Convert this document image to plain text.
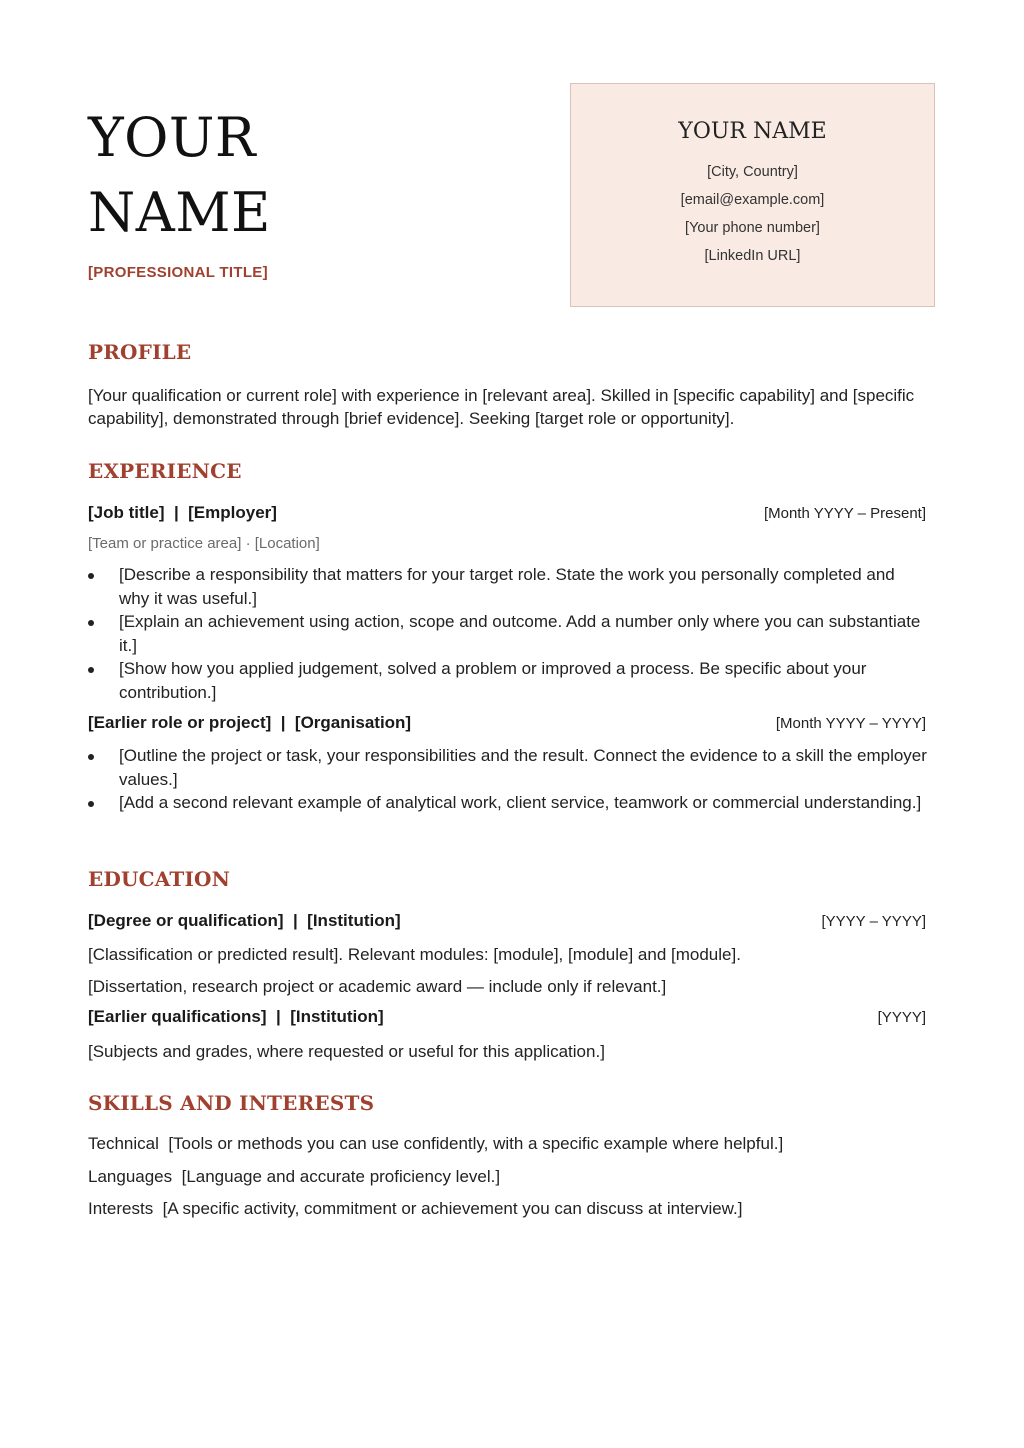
YOUR
NAME
[PROFESSIONAL TITLE]
YOUR NAME
[City, Country]
[email@example.com]
[Your phone number]
[LinkedIn URL]
PROFILE
[Your qualification or current role] with experience in [relevant area]. Skilled in [specific capability] and [specific capability], demonstrated through [brief evidence]. Seeking [target role or opportunity].
EXPERIENCE
[Job title]  |  [Employer]	[Month YYYY – Present]
[Team or practice area] · [Location]
[Describe a responsibility that matters for your target role. State the work you personally completed and why it was useful.]
[Explain an achievement using action, scope and outcome. Add a number only where you can substantiate it.]
[Show how you applied judgement, solved a problem or improved a process. Be specific about your contribution.]
[Earlier role or project]  |  [Organisation]	[Month YYYY – YYYY]
[Outline the project or task, your responsibilities and the result. Connect the evidence to a skill the employer values.]
[Add a second relevant example of analytical work, client service, teamwork or commercial understanding.]
EDUCATION
[Degree or qualification]  |  [Institution]	[YYYY – YYYY]
[Classification or predicted result]. Relevant modules: [module], [module] and [module].
[Dissertation, research project or academic award — include only if relevant.]
[Earlier qualifications]  |  [Institution]	[YYYY]
[Subjects and grades, where requested or useful for this application.]
SKILLS AND INTERESTS
Technical [Tools or methods you can use confidently, with a specific example where helpful.]
Languages [Language and accurate proficiency level.]
Interests [A specific activity, commitment or achievement you can discuss at interview.]
